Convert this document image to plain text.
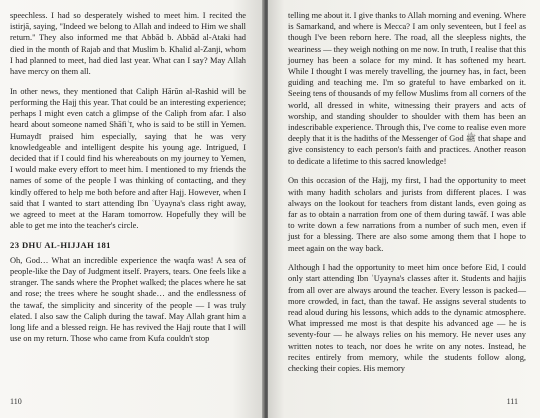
speechless. I had so desperately wished to meet him. I recited the istirjā, saying, "Indeed we belong to Allah and indeed to Him we shall return." They also informed me that Abbād b. Abbād al-Ataki had died in the month of Rajab and that Muslim b. Khalid al-Zanji, whom I had planned to meet, had died last year. What can I say? May Allah have mercy on them all.

In other news, they mentioned that Caliph Hārūn al-Rashid will be performing the Hajj this year. That could be an interesting experience; perhaps I might even catch a glimpse of the Caliph from afar. I also heard about someone named Shāfiʿī, who is said to be still in Yemen. Humaydī praised him especially, saying that he was very knowledgeable and intelligent despite his young age. Intrigued, I decided that if I could find his whereabouts on my journey to Yemen, I would make every effort to meet him. I mentioned to my friends the names of some of the people I was thinking of contacting, and they kindly offered to help me both before and after Hajj. However, when I said that I wanted to start attending Ibn ʿUyayna's class right away, we agreed to meet at the Haram tomorrow. Hopefully they will be able to get me into the teacher's circle.

23 DHU AL-HIJJAH 181

Oh, God… What an incredible experience the waqfa was! A sea of people-like the Day of Judgment itself. Prayers, tears. One feels like a stranger. The sands where the Prophet walked; the places where he sat and rose; the trees where he sought shade… and the endlessness of the tawaf, the simplicity and sincerity of the people — I was truly elated. I also saw the Caliph during the tawaf. May Allah grant him a long life and a blessed reign. He has revived the Hajj route that I will use on my return. Those who came from Kufa couldn't stop

110

telling me about it. I give thanks to Allah morning and evening. Where is Samarkand, and where is Mecca? I am only seventeen, but I feel as though I've been reborn here. The road, all the sleepless nights, the weariness — they weigh nothing on me now. In truth, I realise that this journey has been a solace for my mind. It has softened my heart. While I thought I was merely travelling, the journey has, in fact, been guiding and teaching me. I'm so grateful to have embarked on it. Seeing tens of thousands of my fellow Muslims from all corners of the world, all dressed in white, witnessing their prayers and acts of worship, and standing shoulder to shoulder with them has been an indescribable experience. Through this, I've come to realise even more deeply that it is the hadiths of the Messenger of God ﷺ that shape and give consistency to each person's faith and practices. Another reason to dedicate a lifetime to this sacred knowledge!

On this occasion of the Hajj, my first, I had the opportunity to meet with many hadith scholars and jurists from different places. I was always on the lookout for teachers from distant lands, even going as far as to obtain a narration from one of them during tawāf. I was able to write down a few narrations from a number of such men, even if just for a blessing. There are also some among them that I hope to meet again on the way back.

Although I had the opportunity to meet him once before Eid, I could only start attending Ibn ʿUyayna's classes after it. Students and hajjis from all over are always around the teacher. Every lesson is packed—more crowded, in fact, than the tawaf. He assigns several students to read aloud during his lessons, which adds to the dynamic atmosphere. What impressed me most is that despite his advanced age — he is seventy-four — he always relies on his memory. He never uses any written notes to teach, nor does he write on any notes. Instead, he recites entirely from memory, while the students follow along, checking their copies. His memory

111
